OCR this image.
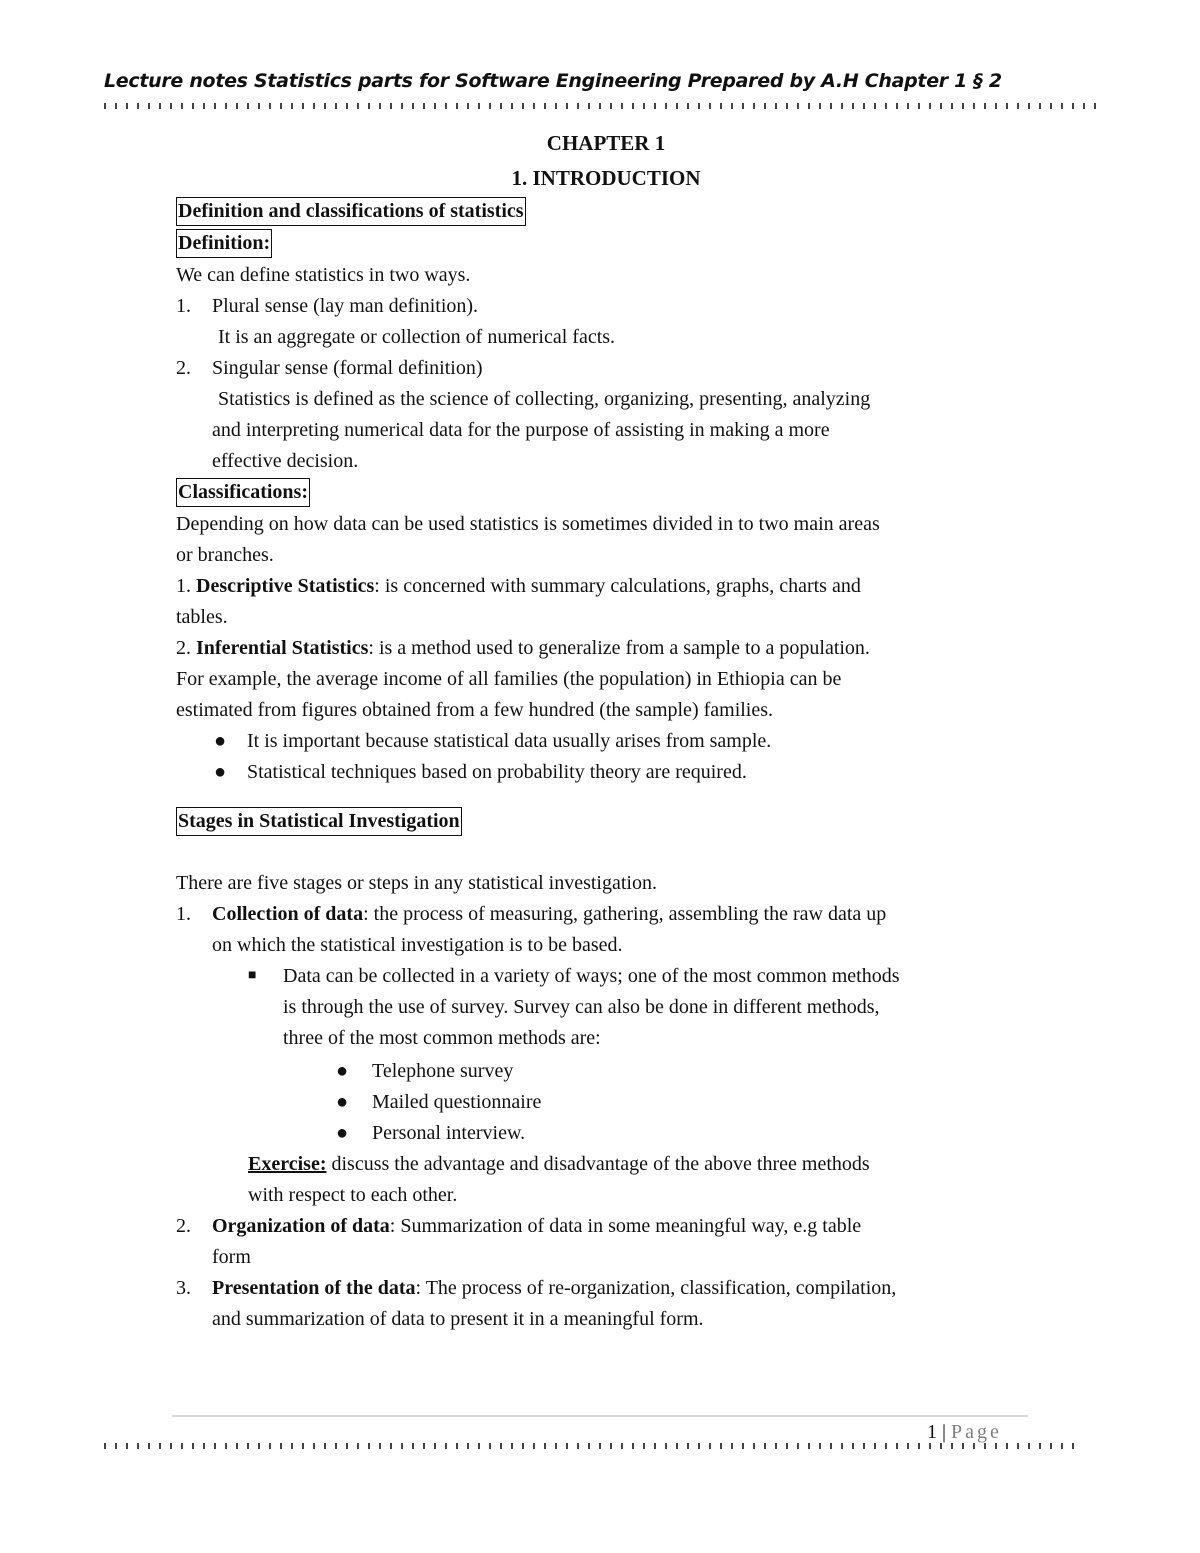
Lecture notes Statistics parts for Software Engineering Prepared by A.H Chapter 1 § 2
CHAPTER 1
1. INTRODUCTION
Definition and classifications of statistics
Definition:
We can define statistics in two ways.
1. Plural sense (lay man definition).
It is an aggregate or collection of numerical facts.
2. Singular sense (formal definition)
Statistics is defined as the science of collecting, organizing, presenting, analyzing
and interpreting numerical data for the purpose of assisting in making a more
effective decision.
Classifications:
Depending on how data can be used statistics is sometimes divided in to two main areas
or branches.
1. Descriptive Statistics: is concerned with summary calculations, graphs, charts and
tables.
2. Inferential Statistics: is a method used to generalize from a sample to a population.
For example, the average income of all families (the population) in Ethiopia can be
estimated from figures obtained from a few hundred (the sample) families.
● It is important because statistical data usually arises from sample.
● Statistical techniques based on probability theory are required.
Stages in Statistical Investigation
There are five stages or steps in any statistical investigation.
1. Collection of data: the process of measuring, gathering, assembling the raw data up
on which the statistical investigation is to be based.
■ Data can be collected in a variety of ways; one of the most common methods
is through the use of survey. Survey can also be done in different methods,
three of the most common methods are:
● Telephone survey
● Mailed questionnaire
● Personal interview.
Exercise: discuss the advantage and disadvantage of the above three methods
with respect to each other.
2. Organization of data: Summarization of data in some meaningful way, e.g table
form
3. Presentation of the data: The process of re-organization, classification, compilation,
and summarization of data to present it in a meaningful form.
1 | Page
